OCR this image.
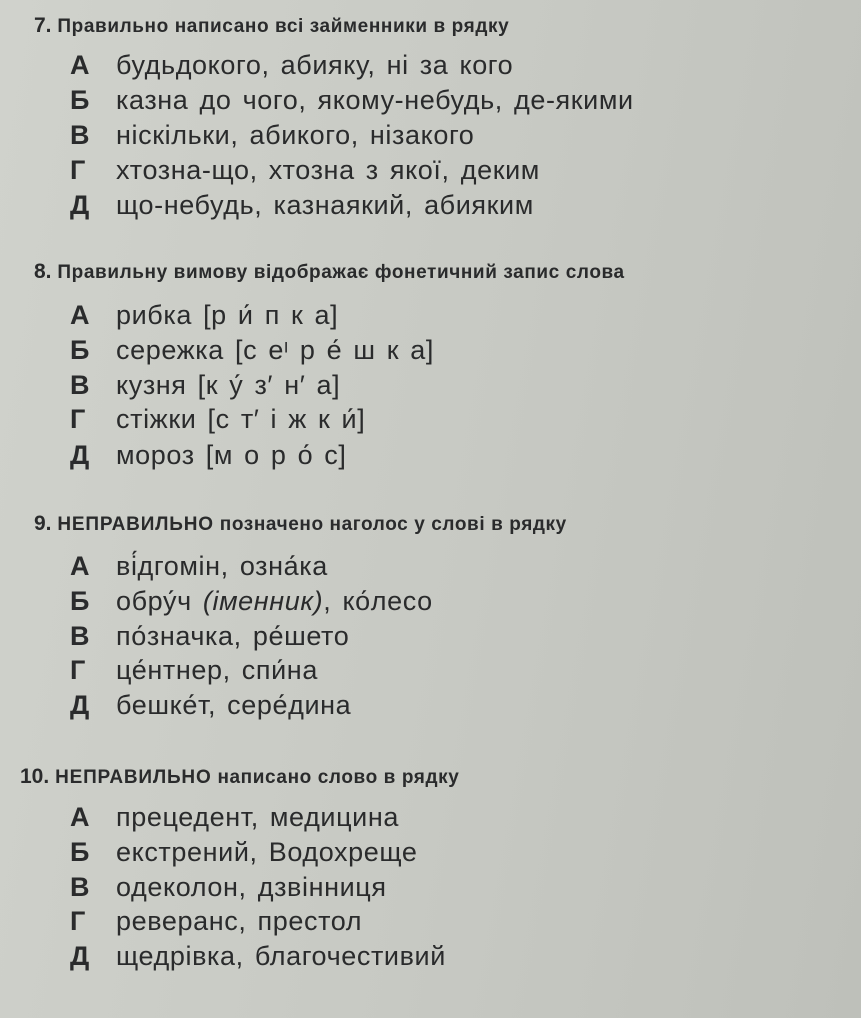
7. Правильно написано всі займенники в рядку
А будьдокого, абияку, ні за кого
Б казна до чого, якому-небудь, де-якими
В ніскільки, абикого, нізакого
Г хтозна-що, хтозна з якої, деким
Д що-небудь, казнаякий, абияким
8. Правильну вимову відображає фонетичний запис слова
А рибка [р и́ п к а]
Б сережка [с еᶦ р е́ ш к а]
В кузня [к у́ з′ н′ а]
Г стіжки [с т′ і ж к и́]
Д мороз [м о р о́ с]
9. НЕПРАВИЛЬНО позначено наголос у слові в рядку
А ві́дгомін, озна́ка
Б обру́ч (іменник), ко́лесо
В по́значка, ре́шето
Г це́нтнер, спи́на
Д бешке́т, сере́дина
10. НЕПРАВИЛЬНО написано слово в рядку
А прецедент, медицина
Б екстрений, Водохреще
В одеколон, дзвінниця
Г реверанс, престол
Д щедрівка, благочестивий
